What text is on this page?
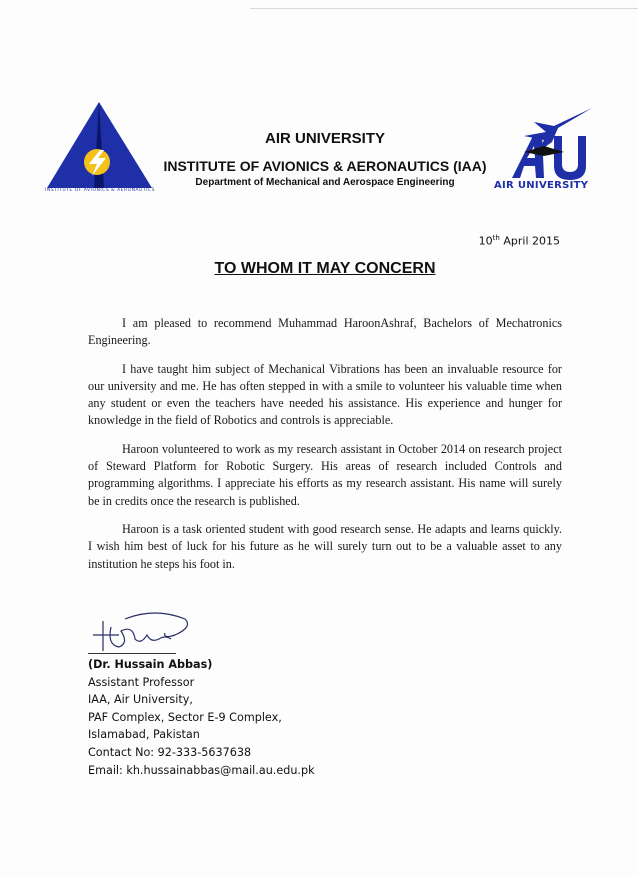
INSTITUTE OF AVIONICS & AERONAUTICS	AIR UNIVERSITY
AIR UNIVERSITY
INSTITUTE OF AVIONICS & AERONAUTICS (IAA)
Department of Mechanical and Aerospace Engineering
10th April 2015
TO WHOM IT MAY CONCERN

I am pleased to recommend Muhammad HaroonAshraf, Bachelors of Mechatronics Engineering.

I have taught him subject of Mechanical Vibrations has been an invaluable resource for our university and me. He has often stepped in with a smile to volunteer his valuable time when any student or even the teachers have needed his assistance. His experience and hunger for knowledge in the field of Robotics and controls is appreciable.

Haroon volunteered to work as my research assistant in October 2014 on research project of Steward Platform for Robotic Surgery. His areas of research included Controls and programming algorithms. I appreciate his efforts as my research assistant. His name will surely be in credits once the research is published.

Haroon is a task oriented student with good research sense. He adapts and learns quickly. I wish him best of luck for his future as he will surely turn out to be a valuable asset to any institution he steps his foot in.

(Dr. Hussain Abbas)
Assistant Professor
IAA, Air University,
PAF Complex, Sector E-9 Complex,
Islamabad, Pakistan
Contact No: 92-333-5637638
Email: kh.hussainabbas@mail.au.edu.pk
